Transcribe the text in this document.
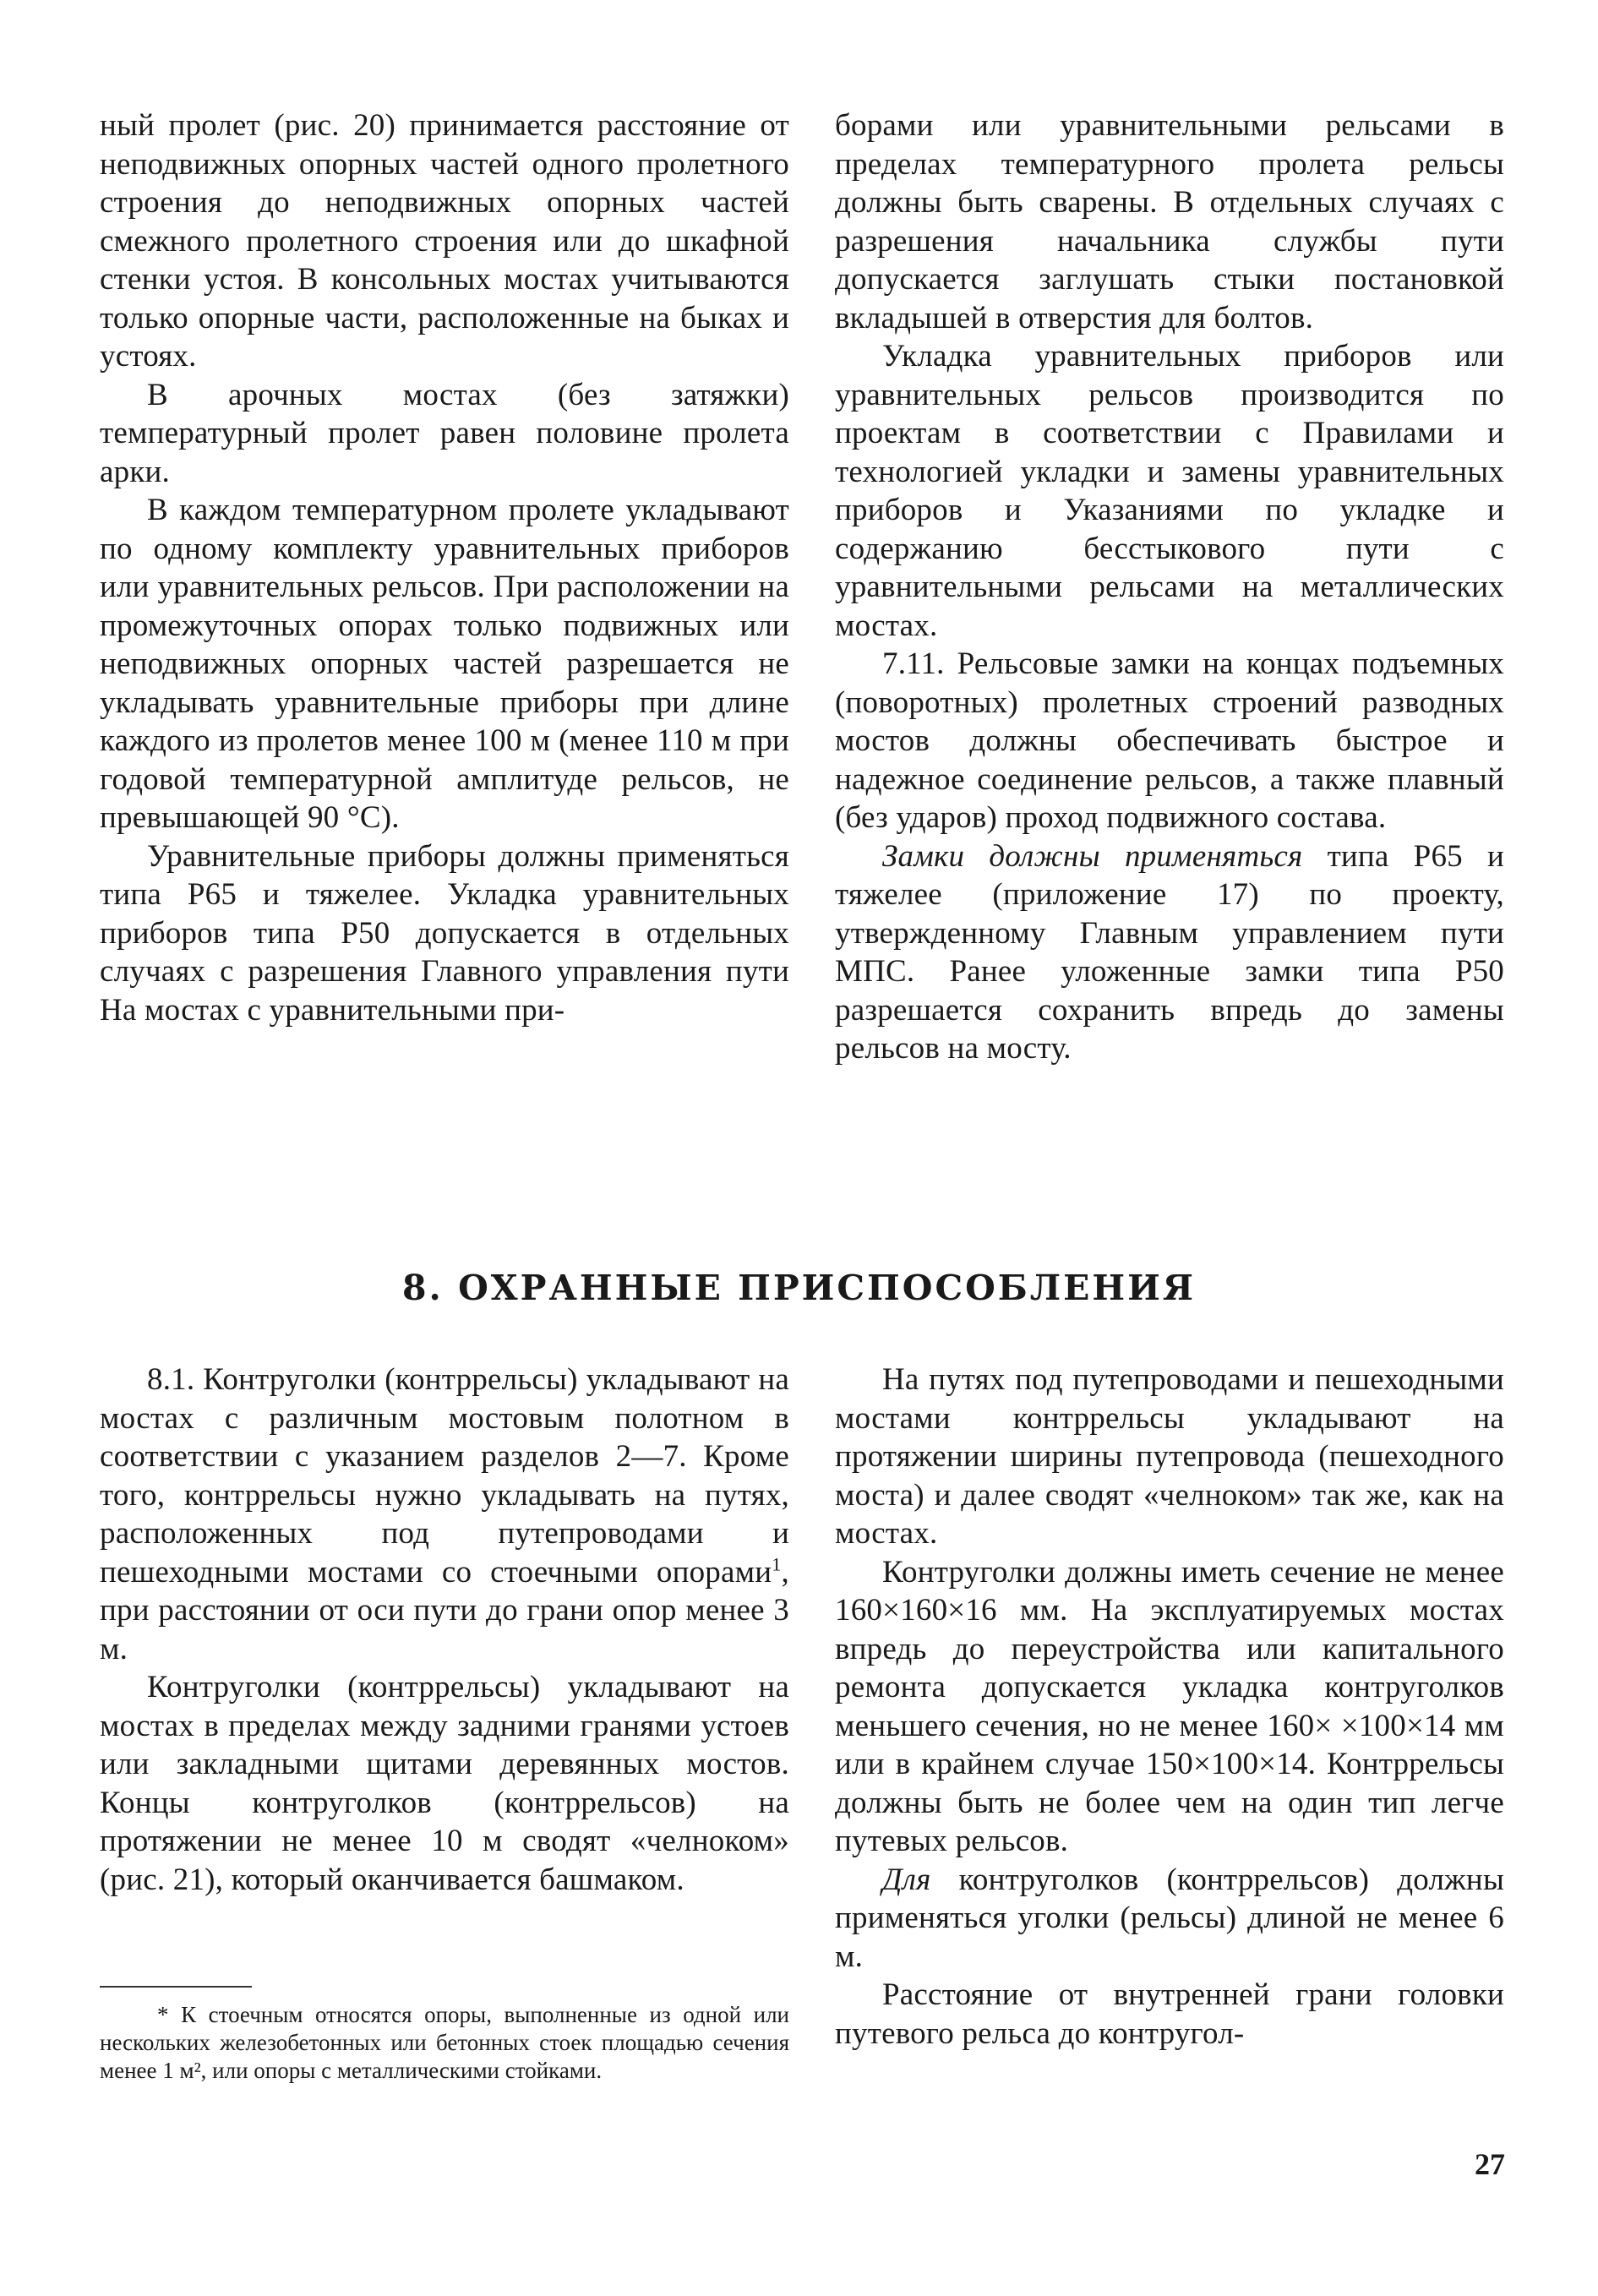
ный пролет (рис. 20) принимается расстояние от неподвижных опорных частей одного пролетного строения до неподвижных опорных частей смежного пролетного строения или до шкафной стенки устоя. В консольных мостах учитываются только опорные части, расположенные на быках и устоях.

В арочных мостах (без затяжки) температурный пролет равен половине пролета арки.

В каждом температурном пролете укладывают по одному комплекту уравнительных приборов или уравнительных рельсов. При расположении на промежуточных опорах только подвижных или неподвижных опорных частей разрешается не укладывать уравнительные приборы при длине каждого из пролетов менее 100 м (менее 110 м при годовой температурной амплитуде рельсов, не превышающей 90 °С).

Уравнительные приборы должны применяться типа Р65 и тяжелее. Укладка уравнительных приборов типа Р50 допускается в отдельных случаях с разрешения Главного управления пути На мостах с уравнительными при-

борами или уравнительными рельсами в пределах температурного пролета рельсы должны быть сварены. В отдельных случаях с разрешения начальника службы пути допускается заглушать стыки постановкой вкладышей в отверстия для болтов.

Укладка уравнительных приборов или уравнительных рельсов производится по проектам в соответствии с Правилами и технологией укладки и замены уравнительных приборов и Указаниями по укладке и содержанию бесстыкового пути с уравнительными рельсами на металлических мостах.

7.11. Рельсовые замки на концах подъемных (поворотных) пролетных строений разводных мостов должны обеспечивать быстрое и надежное соединение рельсов, а также плавный (без ударов) проход подвижного состава.

Замки должны применяться типа Р65 и тяжелее (приложение 17) по проекту, утвержденному Главным управлением пути МПС. Ранее уложенные замки типа Р50 разрешается сохранить впредь до замены рельсов на мосту.

8. ОХРАННЫЕ ПРИСПОСОБЛЕНИЯ

8.1. Контруголки (контррельсы) укладывают на мостах с различным мостовым полотном в соответствии с указанием разделов 2—7. Кроме того, контррельсы нужно укладывать на путях, расположенных под путепроводами и пешеходными мостами со стоечными опорами$^1$, при расстоянии от оси пути до грани опор менее 3 м.

Контруголки (контррельсы) укладывают на мостах в пределах между задними гранями устоев или закладными щитами деревянных мостов. Концы контруголков (контррельсов) на протяжении не менее 10 м сводят «челноком» (рис. 21), который оканчивается башмаком.

* К стоечным относятся опоры, выполненные из одной или нескольких железобетонных или бетонных стоек площадью сечения менее 1 м², или опоры с металлическими стойками.

На путях под путепроводами и пешеходными мостами контррельсы укладывают на протяжении ширины путепровода (пешеходного моста) и далее сводят «челноком» так же, как на мостах.

Контруголки должны иметь сечение не менее 160×160×16 мм. На эксплуатируемых мостах впредь до переустройства или капитального ремонта допускается укладка контруголков меньшего сечения, но не менее 160× ×100×14 мм или в крайнем случае 150×100×14. Контррельсы должны быть не более чем на один тип легче путевых рельсов.

Для контруголков (контррельсов) должны применяться уголки (рельсы) длиной не менее 6 м.

Расстояние от внутренней грани головки путевого рельса до контругол-

27
